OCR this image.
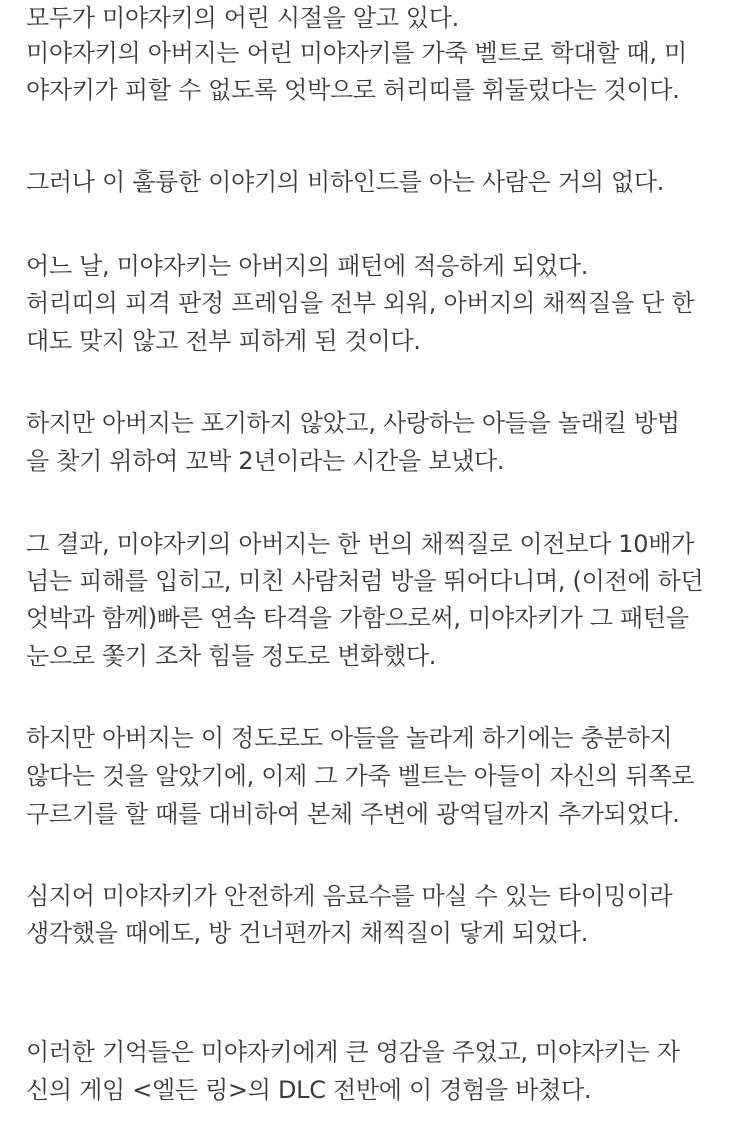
모두가 미야자키의 어린 시절을 알고 있다.
미야자키의 아버지는 어린 미야자키를 가죽 벨트로 학대할 때, 미
야자키가 피할 수 없도록 엇박으로 허리띠를 휘둘렀다는 것이다.
그러나 이 훌륭한 이야기의 비하인드를 아는 사람은 거의 없다.
어느 날, 미야자키는 아버지의 패턴에 적응하게 되었다.
허리띠의 피격 판정 프레임을 전부 외워, 아버지의 채찍질을 단 한
대도 맞지 않고 전부 피하게 된 것이다.
하지만 아버지는 포기하지 않았고, 사랑하는 아들을 놀래킬 방법
을 찾기 위하여 꼬박 2년이라는 시간을 보냈다.
그 결과, 미야자키의 아버지는 한 번의 채찍질로 이전보다 10배가
넘는 피해를 입히고, 미친 사람처럼 방을 뛰어다니며, (이전에 하던
엇박과 함께)빠른 연속 타격을 가함으로써, 미야자키가 그 패턴을
눈으로 쫓기 조차 힘들 정도로 변화했다.
하지만 아버지는 이 정도로도 아들을 놀라게 하기에는 충분하지
않다는 것을 알았기에, 이제 그 가죽 벨트는 아들이 자신의 뒤쪽로
구르기를 할 때를 대비하여 본체 주변에 광역딜까지 추가되었다.
심지어 미야자키가 안전하게 음료수를 마실 수 있는 타이밍이라
생각했을 때에도, 방 건너편까지 채찍질이 닿게 되었다.
이러한 기억들은 미야자키에게 큰 영감을 주었고, 미야자키는 자
신의 게임 <엘든 링>의 DLC 전반에 이 경험을 바쳤다.
